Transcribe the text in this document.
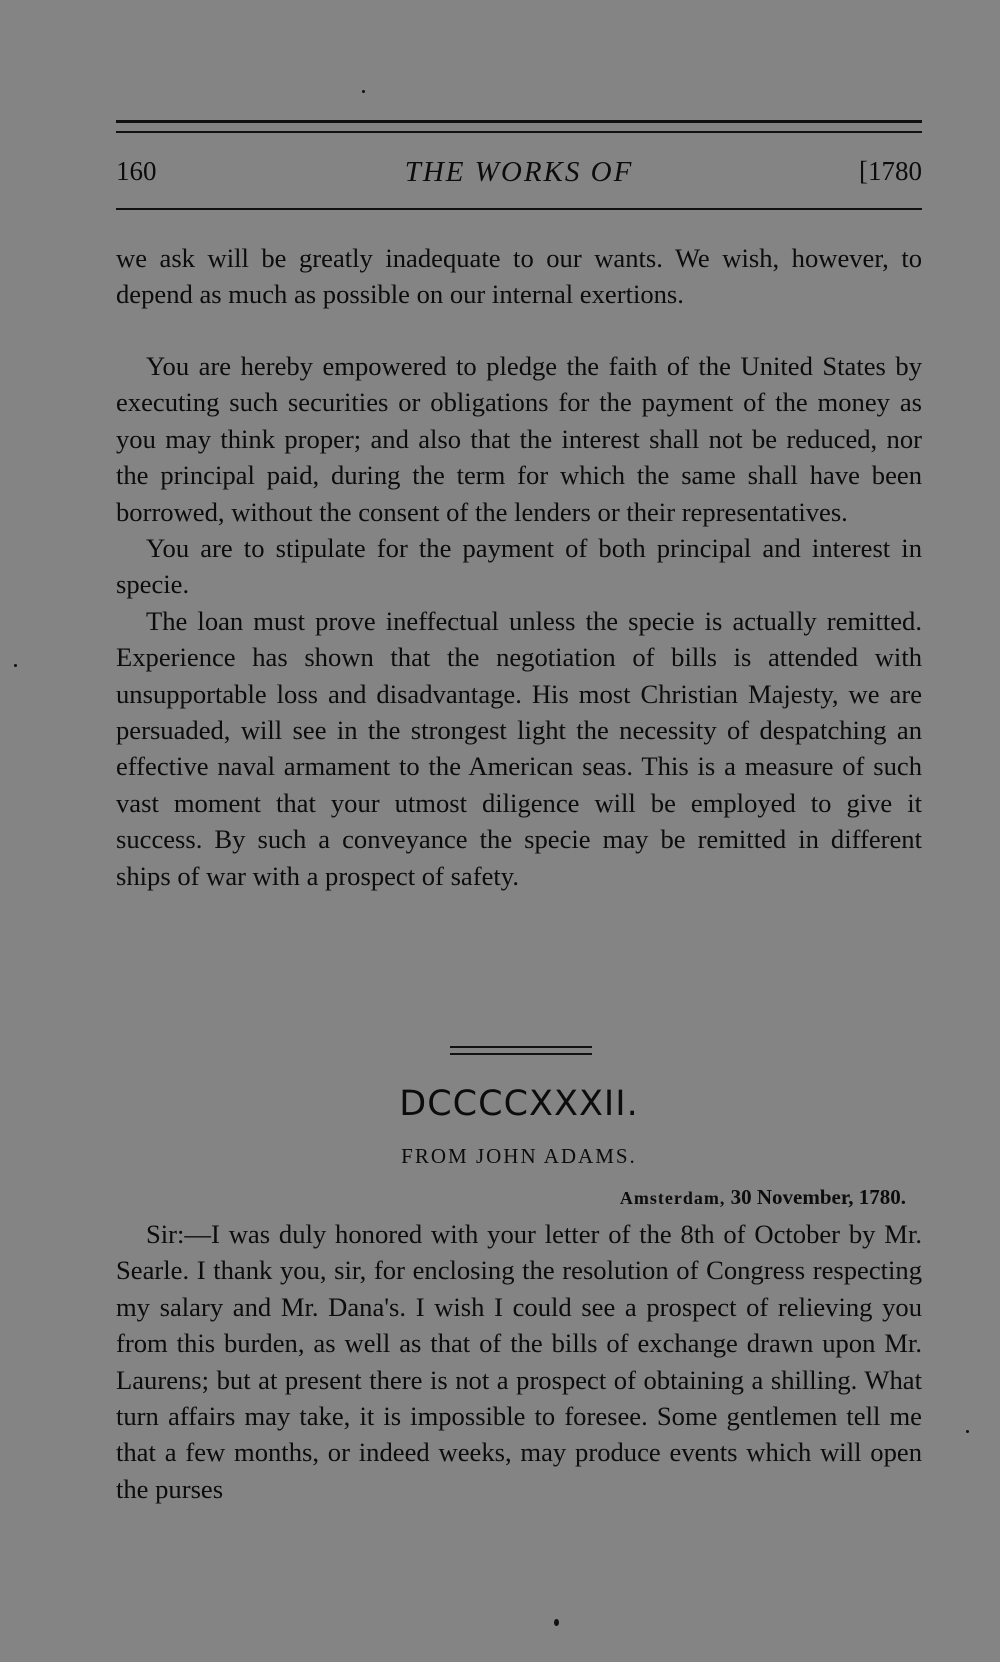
160	THE WORKS OF	[1780

we ask will be greatly inadequate to our wants. We wish, however, to depend as much as possible on our internal exertions.

You are hereby empowered to pledge the faith of the United States by executing such securities or obligations for the payment of the money as you may think proper; and also that the interest shall not be reduced, nor the principal paid, during the term for which the same shall have been borrowed, without the consent of the lenders or their representatives.

You are to stipulate for the payment of both principal and interest in specie.

The loan must prove ineffectual unless the specie is actually remitted. Experience has shown that the negotiation of bills is attended with unsupportable loss and disadvantage. His most Christian Majesty, we are persuaded, will see in the strongest light the necessity of despatching an effective naval armament to the American seas. This is a measure of such vast moment that your utmost diligence will be employed to give it success. By such a conveyance the specie may be remitted in different ships of war with a prospect of safety.

DCCCCXXXII.
FROM JOHN ADAMS.
Amsterdam, 30 November, 1780.

Sir:—I was duly honored with your letter of the 8th of October by Mr. Searle. I thank you, sir, for enclosing the resolution of Congress respecting my salary and Mr. Dana's. I wish I could see a prospect of relieving you from this burden, as well as that of the bills of exchange drawn upon Mr. Laurens; but at present there is not a prospect of obtaining a shilling. What turn affairs may take, it is impossible to foresee. Some gentlemen tell me that a few months, or indeed weeks, may produce events which will open the purses
